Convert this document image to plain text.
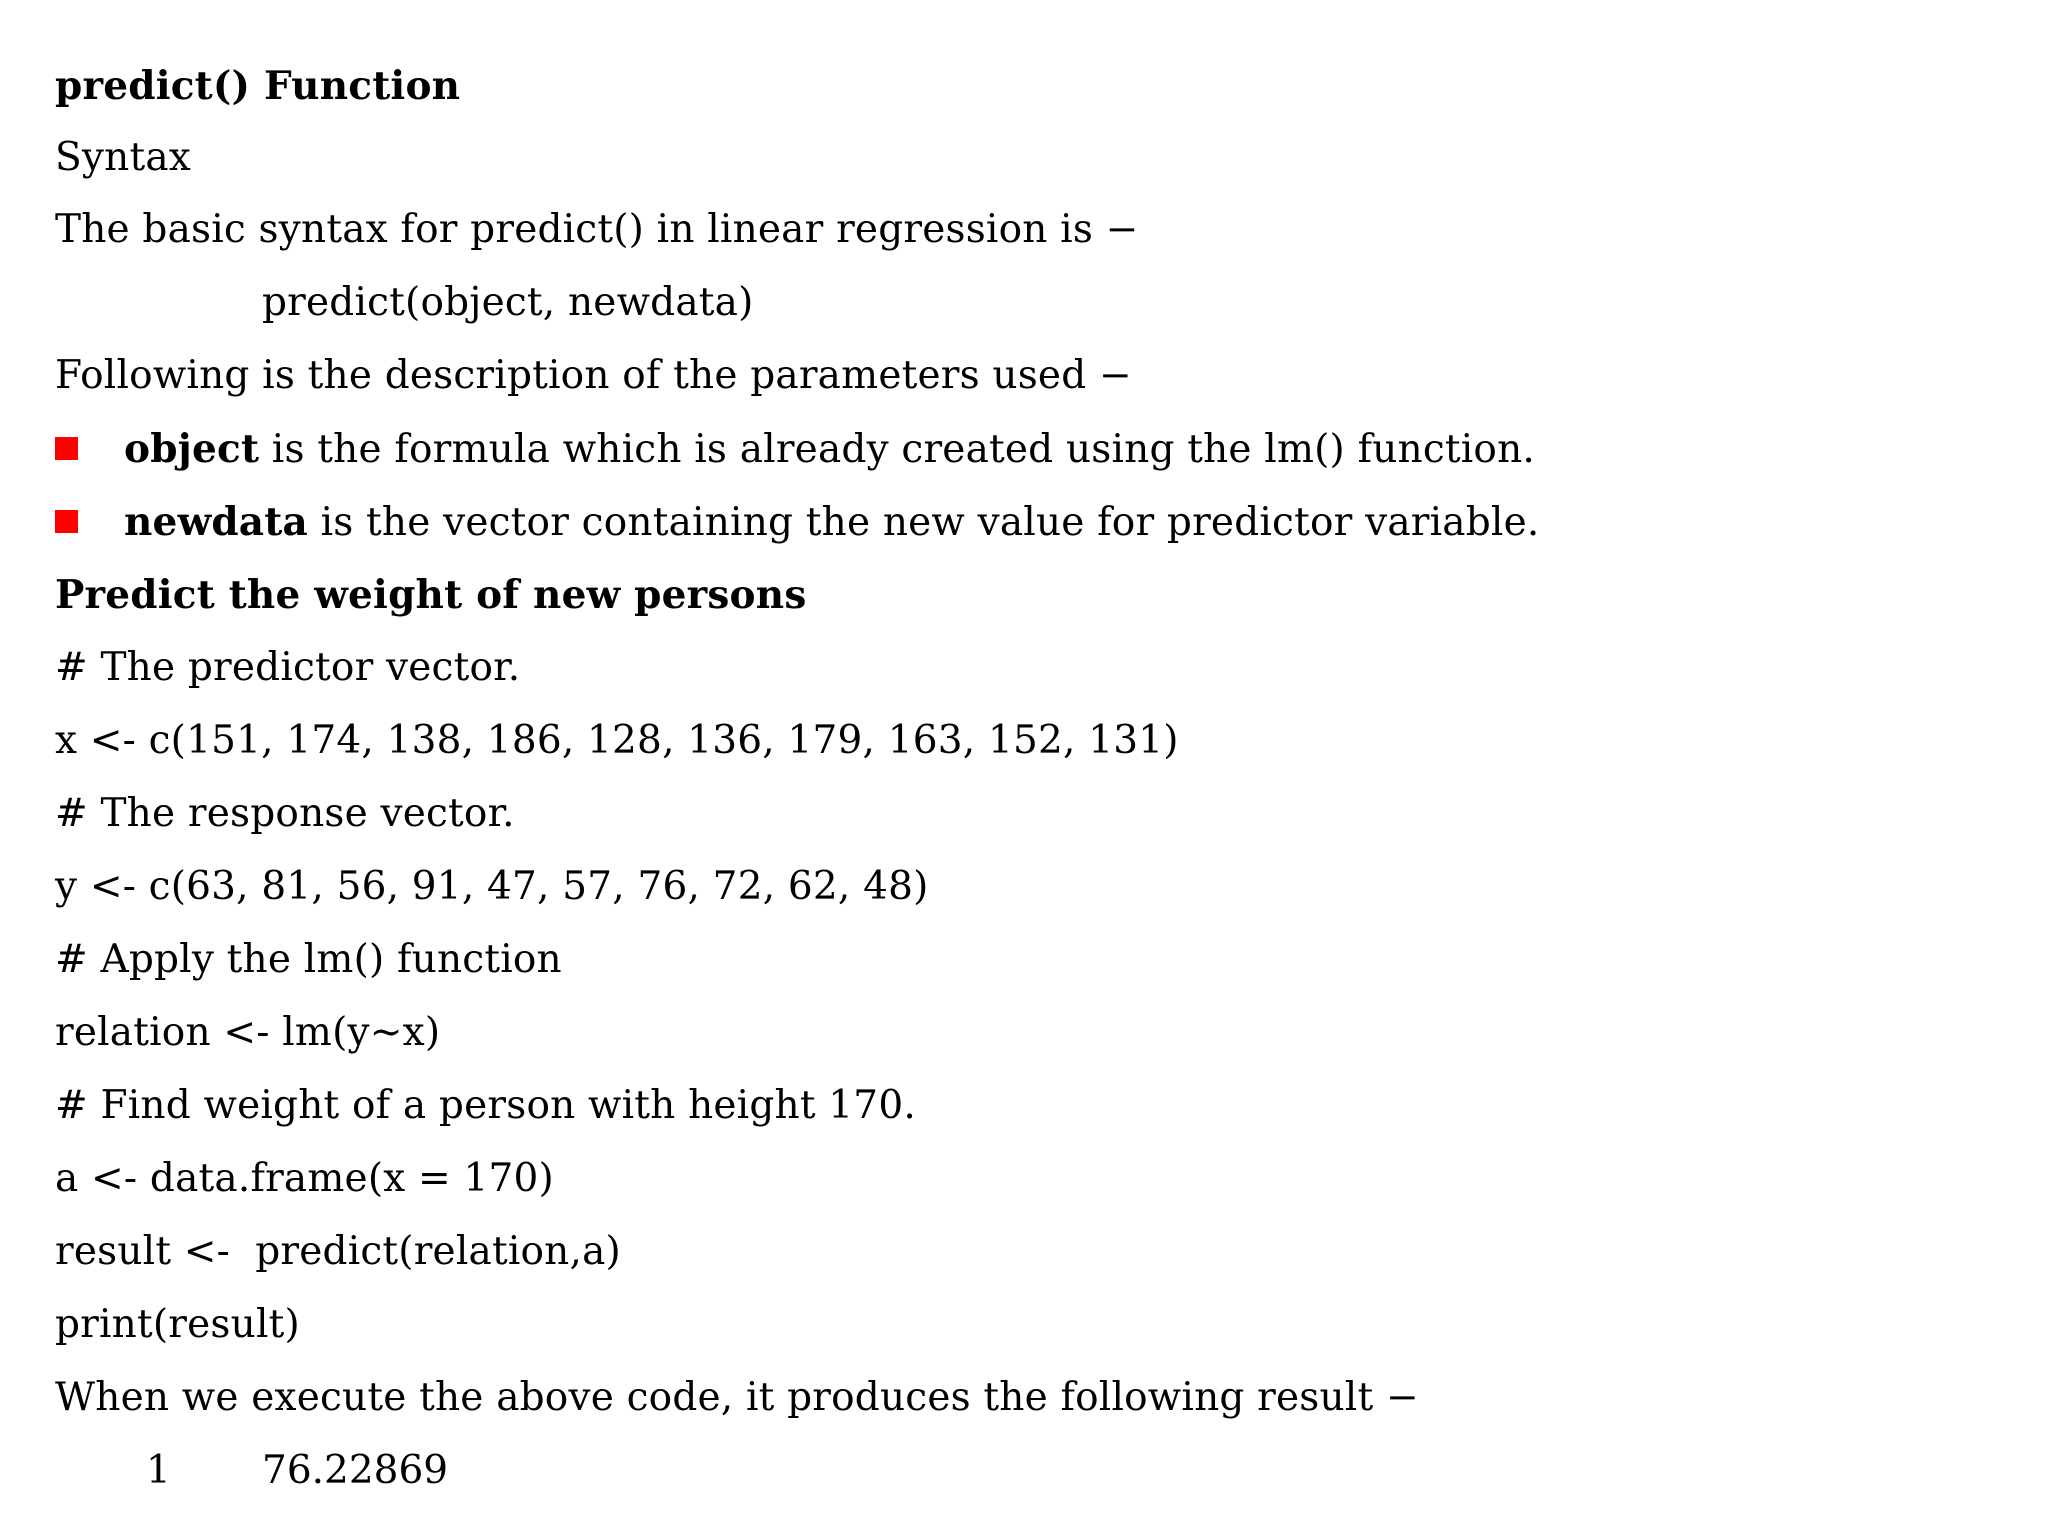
predict() Function
Syntax
The basic syntax for predict() in linear regression is −
predict(object, newdata)
Following is the description of the parameters used −
object is the formula which is already created using the lm() function.
newdata is the vector containing the new value for predictor variable.
Predict the weight of new persons
# The predictor vector.
x <- c(151, 174, 138, 186, 128, 136, 179, 163, 152, 131)
# The response vector.
y <- c(63, 81, 56, 91, 47, 57, 76, 72, 62, 48)
# Apply the lm() function
relation <- lm(y~x)
# Find weight of a person with height 170.
a <- data.frame(x = 170)
result <-  predict(relation,a)
print(result)
When we execute the above code, it produces the following result −
1 76.22869
